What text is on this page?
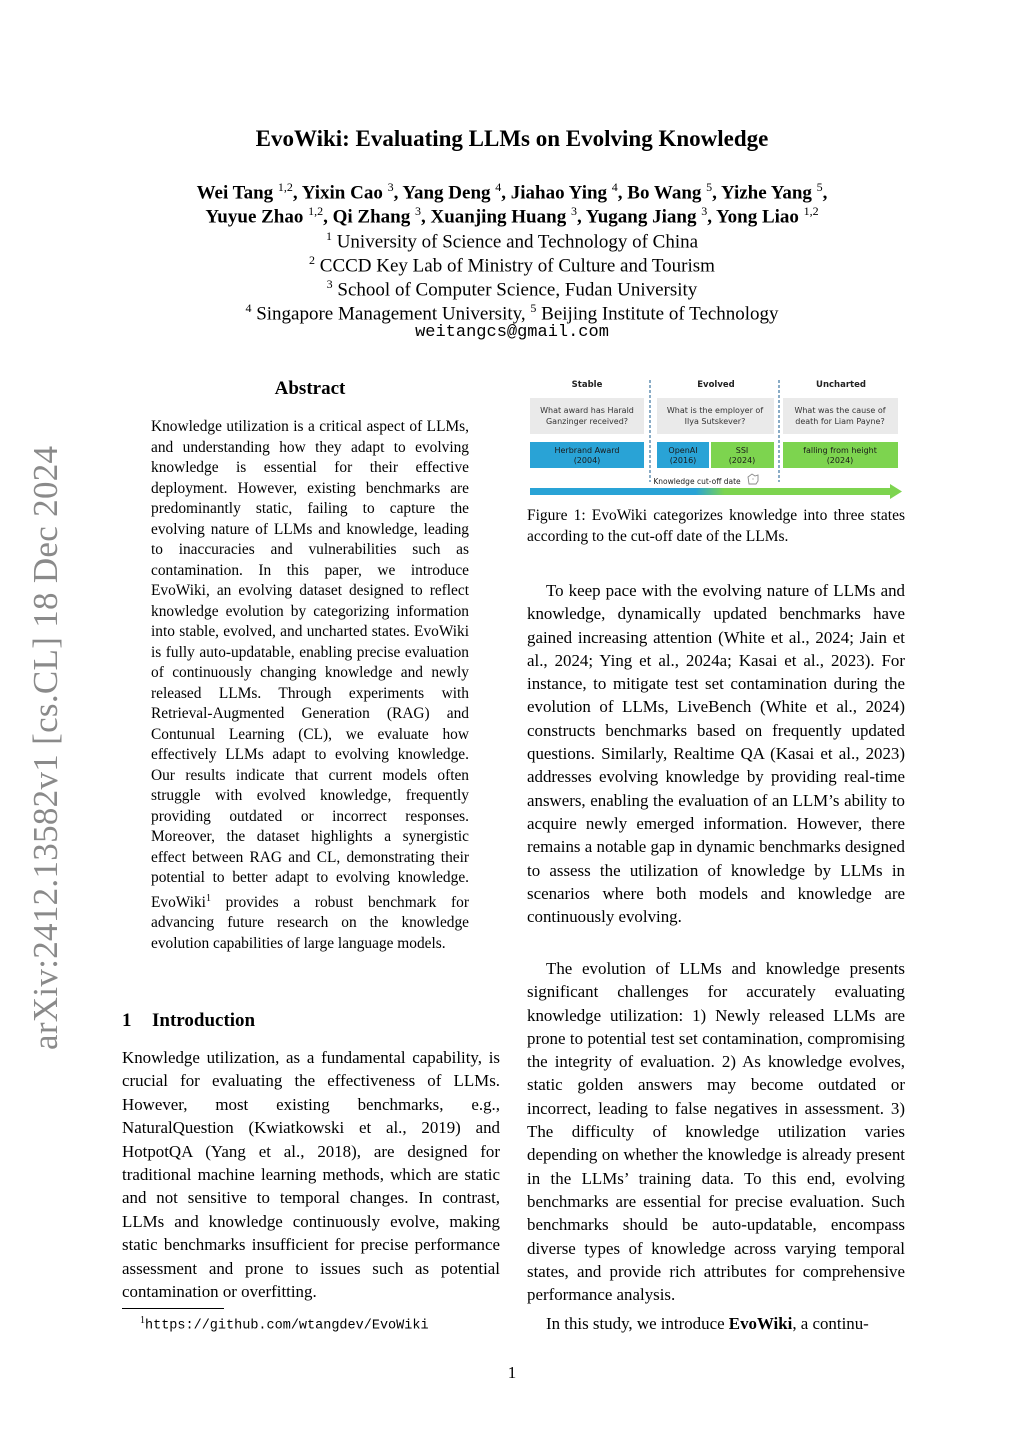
arXiv:2412.13582v1 [cs.CL] 18 Dec 2024
EvoWiki: Evaluating LLMs on Evolving Knowledge
Wei Tang $^{1,2}$, Yixin Cao $^3$, Yang Deng $^4$, Jiahao Ying $^4$, Bo Wang $^5$, Yizhe Yang $^5$,
Yuyue Zhao $^{1,2}$, Qi Zhang $^3$, Xuanjing Huang $^3$, Yugang Jiang $^3$, Yong Liao $^{1,2}$
$^1$ University of Science and Technology of China
$^2$ CCCD Key Lab of Ministry of Culture and Tourism
$^3$ School of Computer Science, Fudan University
$^4$ Singapore Management University, $^5$ Beijing Institute of Technology
weitangcs@gmail.com
Abstract
Knowledge utilization is a critical aspect of LLMs, and understanding how they adapt to evolving knowledge is essential for their effective deployment. However, existing benchmarks are predominantly static, failing to capture the evolving nature of LLMs and knowledge, leading to inaccuracies and vulnerabilities such as contamination. In this paper, we introduce EvoWiki, an evolving dataset designed to reflect knowledge evolution by categorizing information into stable, evolved, and uncharted states. EvoWiki is fully auto-updatable, enabling precise evaluation of continuously changing knowledge and newly released LLMs. Through experiments with Retrieval-Augmented Generation (RAG) and Contunual Learning (CL), we evaluate how effectively LLMs adapt to evolving knowledge. Our results indicate that current models often struggle with evolved knowledge, frequently providing outdated or incorrect responses. Moreover, the dataset highlights a synergistic effect between RAG and CL, demonstrating their potential to better adapt to evolving knowledge. EvoWiki$^1$ provides a robust benchmark for advancing future research on the knowledge evolution capabilities of large language models.
1 Introduction
Knowledge utilization, as a fundamental capability, is crucial for evaluating the effectiveness of LLMs. However, most existing benchmarks, e.g., NaturalQuestion (Kwiatkowski et al., 2019) and HotpotQA (Yang et al., 2018), are designed for traditional machine learning methods, which are static and not sensitive to temporal changes. In contrast, LLMs and knowledge continuously evolve, making static benchmarks insufficient for precise performance assessment and prone to issues such as potential contamination or overfitting.
$^1$https://github.com/wtangdev/EvoWiki
Stable	Evolved	Uncharted
What award has Harald
Ganzinger received?
What is the employer of
Ilya Sutskever?
What was the cause of
death for Liam Payne?
Herbrand Award
(2004)
OpenAI
(2016)
SSI
(2024)
falling from height
(2024)
Knowledge cut-off date
Figure 1: EvoWiki categorizes knowledge into three states according to the cut-off date of the LLMs.
To keep pace with the evolving nature of LLMs and knowledge, dynamically updated benchmarks have gained increasing attention (White et al., 2024; Jain et al., 2024; Ying et al., 2024a; Kasai et al., 2023). For instance, to mitigate test set contamination during the evolution of LLMs, LiveBench (White et al., 2024) constructs benchmarks based on frequently updated questions. Similarly, Realtime QA (Kasai et al., 2023) addresses evolving knowledge by providing real-time answers, enabling the evaluation of an LLM’s ability to acquire newly emerged information. However, there remains a notable gap in dynamic benchmarks designed to assess the utilization of knowledge by LLMs in scenarios where both models and knowledge are continuously evolving.
The evolution of LLMs and knowledge presents significant challenges for accurately evaluating knowledge utilization: 1) Newly released LLMs are prone to potential test set contamination, compromising the integrity of evaluation. 2) As knowledge evolves, static golden answers may become outdated or incorrect, leading to false negatives in assessment. 3) The difficulty of knowledge utilization varies depending on whether the knowledge is already present in the LLMs’ training data. To this end, evolving benchmarks are essential for precise evaluation. Such benchmarks should be auto-updatable, encompass diverse types of knowledge across varying temporal states, and provide rich attributes for comprehensive performance analysis.
In this study, we introduce EvoWiki, a continu-
1
